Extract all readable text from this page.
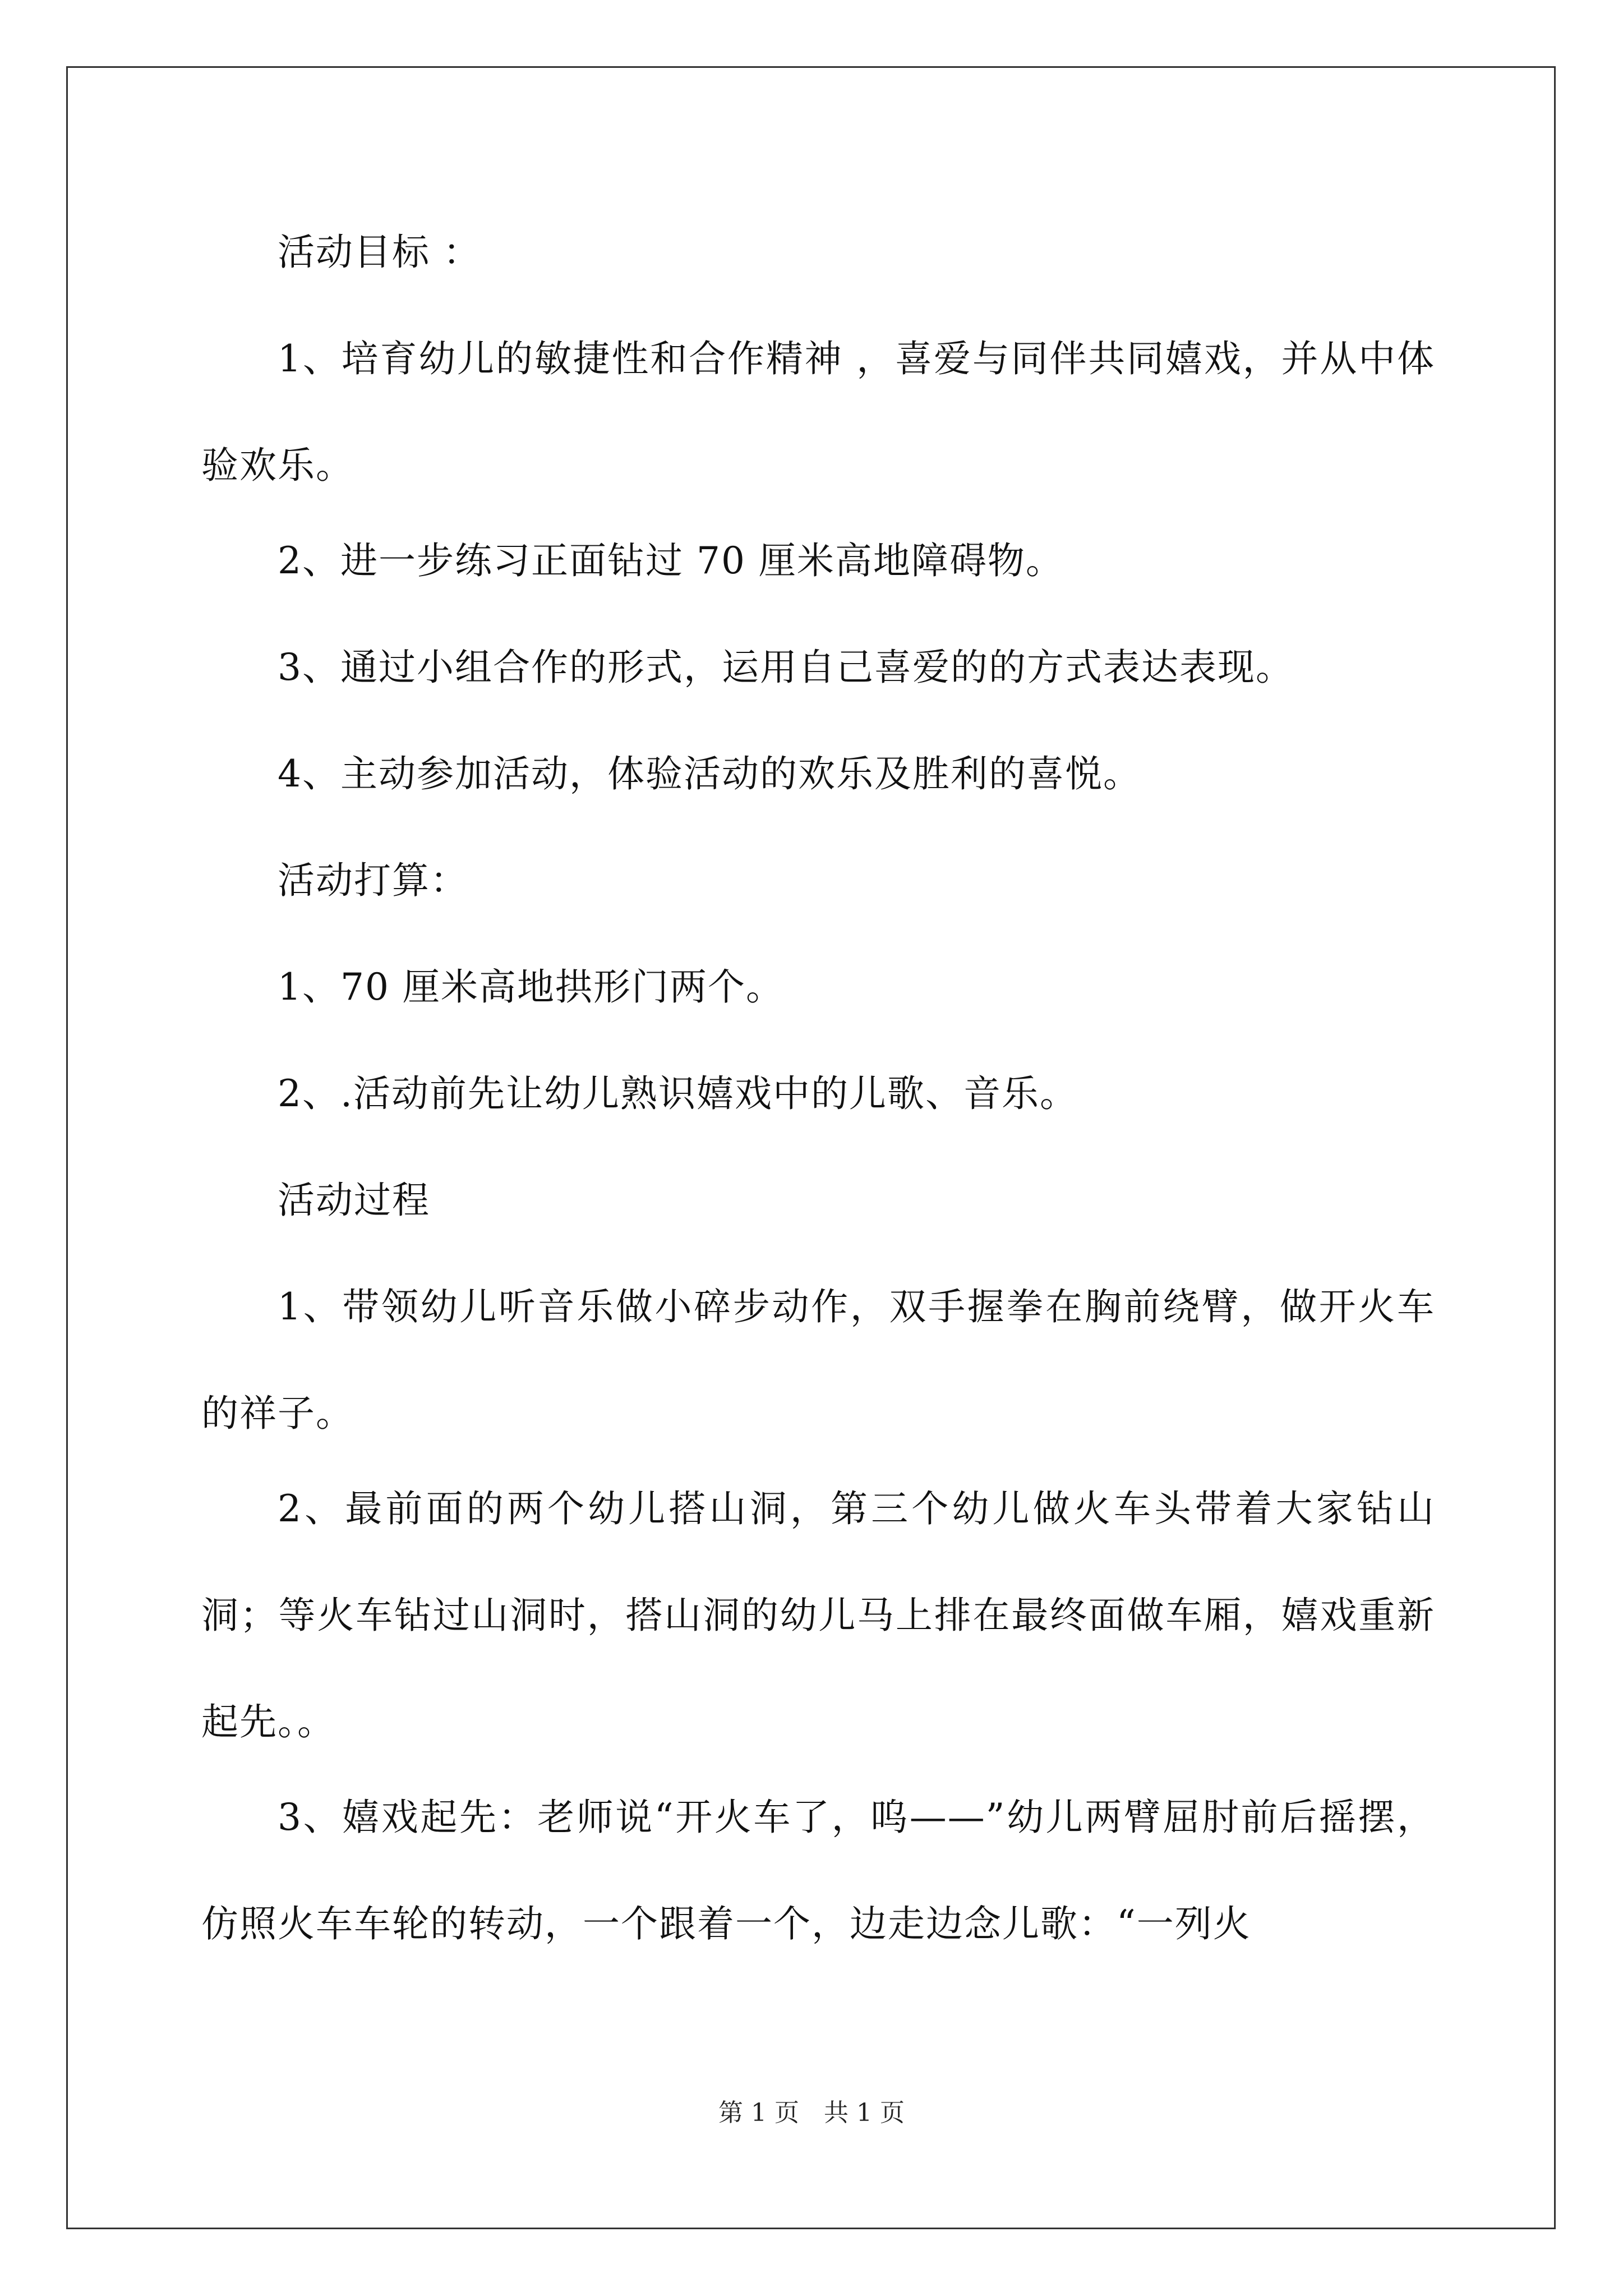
活动目标 ：
1、培育幼儿的敏捷性和合作精神 ，喜爱与同伴共同嬉戏，并从中体验欢乐。
2、进一步练习正面钻过 70 厘米高地障碍物。
3、通过小组合作的形式，运用自己喜爱的的方式表达表现。
4、主动参加活动，体验活动的欢乐及胜利的喜悦。
活动打算：
1、70 厘米高地拱形门两个。
2、.活动前先让幼儿熟识嬉戏中的儿歌、音乐。
活动过程
1、带领幼儿听音乐做小碎步动作，双手握拳在胸前绕臂，做开火车的祥子。
2、最前面的两个幼儿搭山洞，第三个幼儿做火车头带着大家钻山洞；等火车钻过山洞时，搭山洞的幼儿马上排在最终面做车厢，嬉戏重新起先。。
3、嬉戏起先：老师说“开火车了，呜——”幼儿两臂屈肘前后摇摆，仿照火车车轮的转动，一个跟着一个，边走边念儿歌：“一列火
第 1 页　共 1 页
